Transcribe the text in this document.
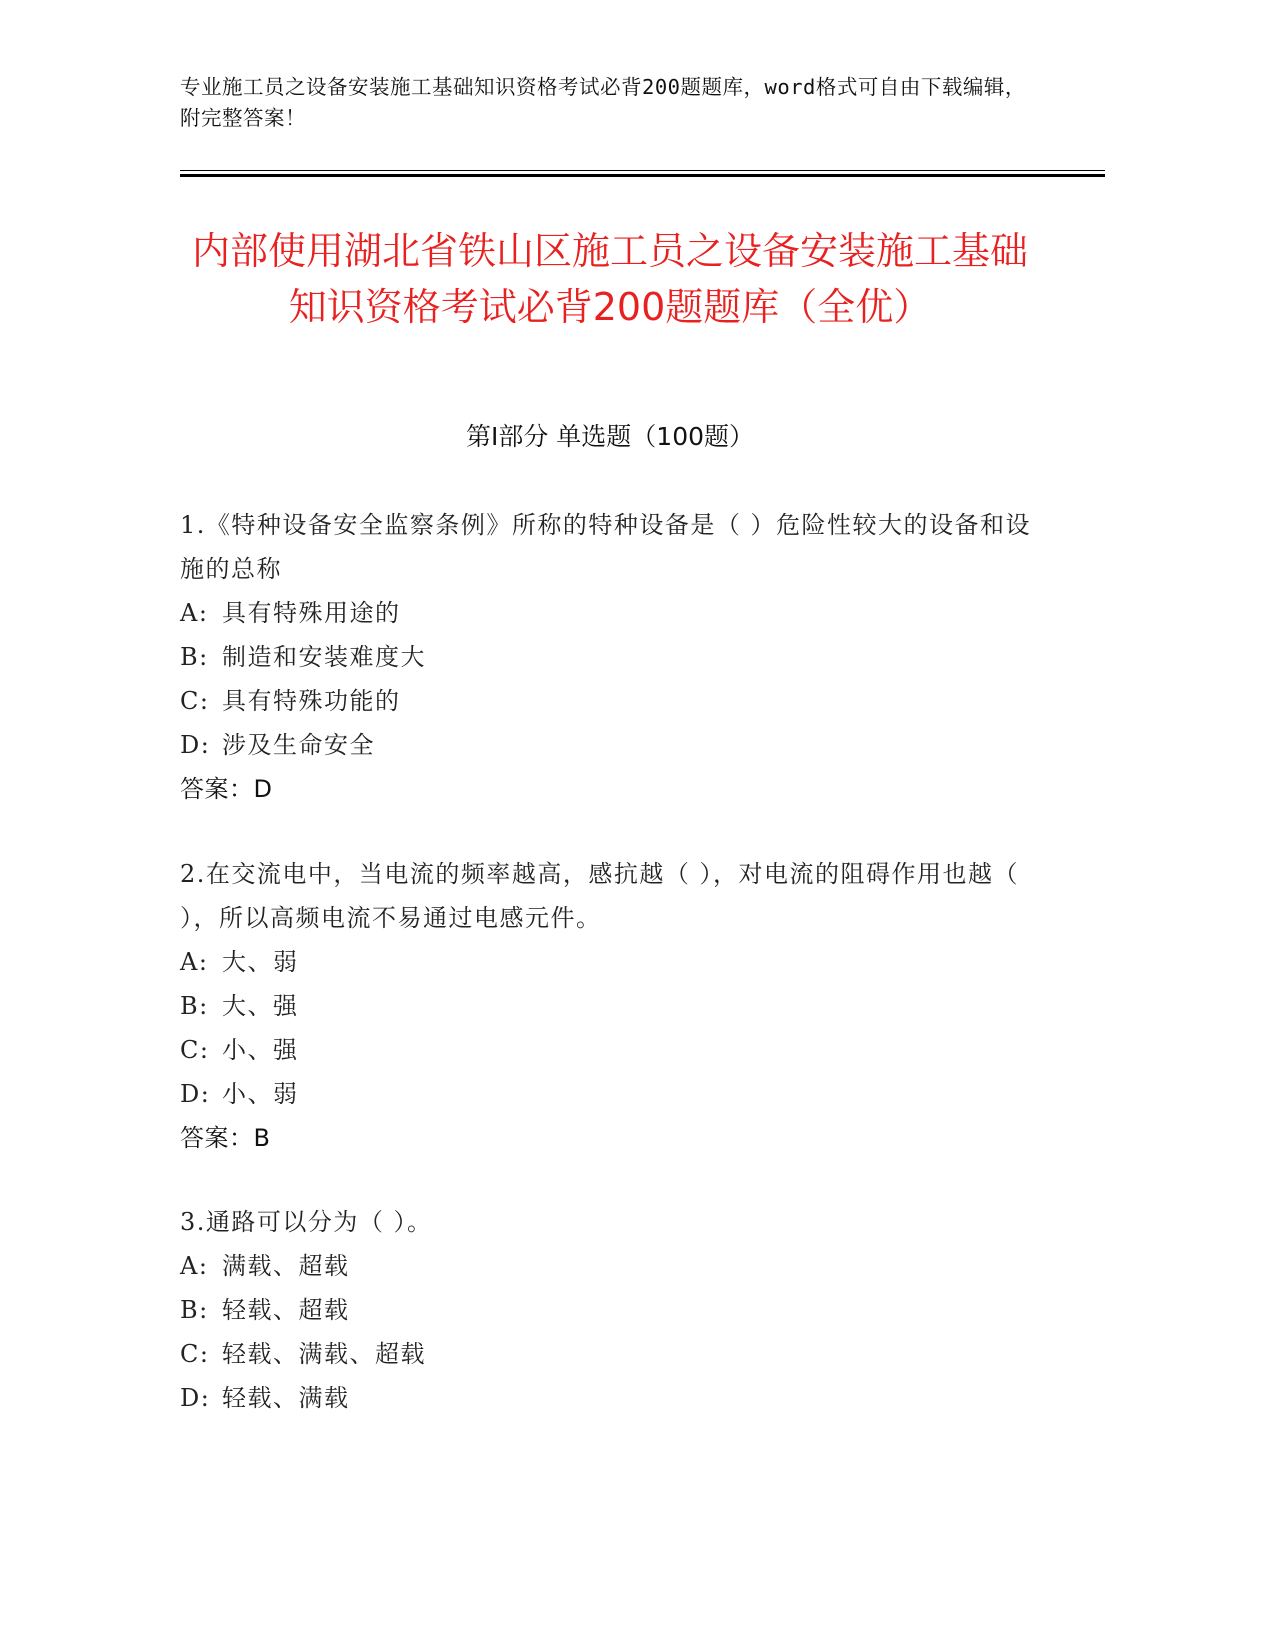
专业施工员之设备安装施工基础知识资格考试必背200题题库，word格式可自由下载编辑，附完整答案！
内部使用湖北省铁山区施工员之设备安装施工基础知识资格考试必背200题题库（全优）
第I部分 单选题（100题）
1.《特种设备安全监察条例》所称的特种设备是（ ）危险性较大的设备和设施的总称
A: 具有特殊用途的
B: 制造和安装难度大
C: 具有特殊功能的
D: 涉及生命安全
答案：D
2.在交流电中，当电流的频率越高，感抗越（ ），对电流的阻碍作用也越（ ），所以高频电流不易通过电感元件。
A: 大、弱
B: 大、强
C: 小、强
D: 小、弱
答案：B
3.通路可以分为（ ）。
A: 满载、超载
B: 轻载、超载
C: 轻载、满载、超载
D: 轻载、满载
